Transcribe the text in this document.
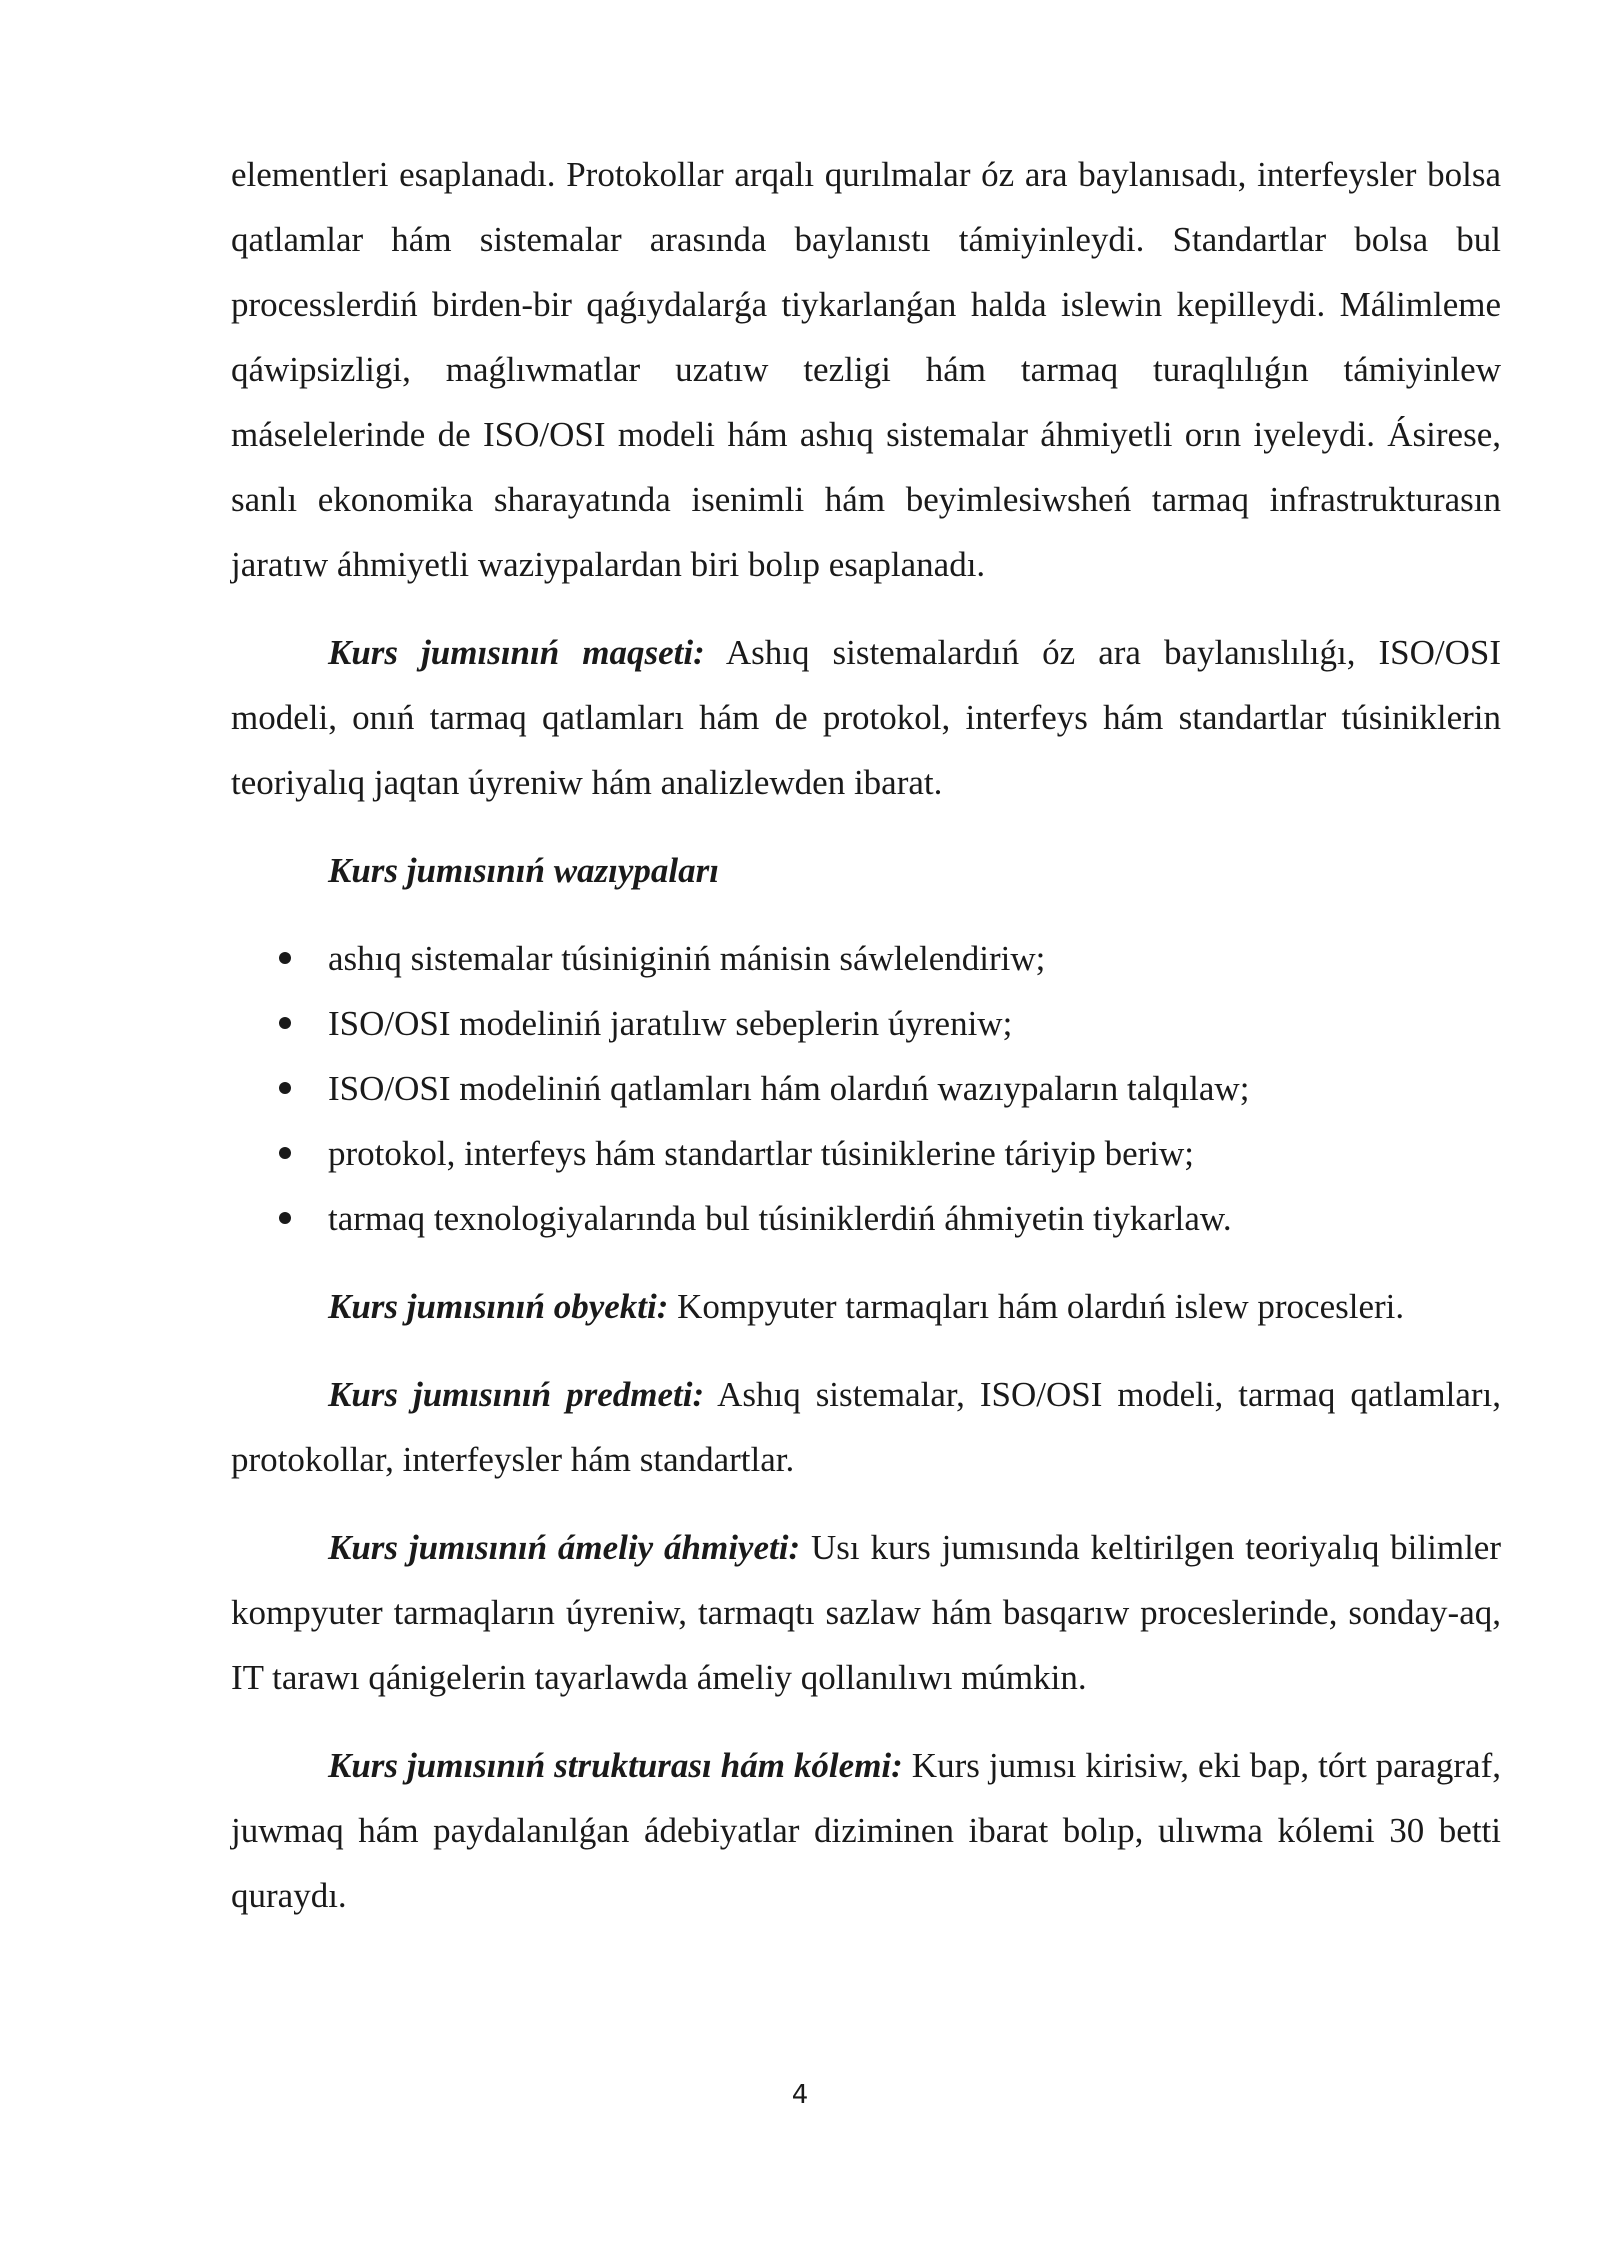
elementleri esaplanadı. Protokollar arqalı qurılmalar óz ara baylanısadı, interfeysler bolsa qatlamlar hám sistemalar arasında baylanıstı támiyinleydi. Standartlar bolsa bul processlerdiń birden-bir qaǵıydalarǵa tiykarlanǵan halda islewin kepilleydi. Málimleme qáwipsizligi, maǵlıwmatlar uzatıw tezligi hám tarmaq turaqlılıǵın támiyinlew máselelerinde de ISO/OSI modeli hám ashıq sistemalar áhmiyetli orın iyeleydi. Ásirese, sanlı ekonomika sharayatında isenimli hám beyimlesiwsheń tarmaq infrastrukturasın jaratıw áhmiyetli waziypalardan biri bolıp esaplanadı.

Kurs jumısınıń maqseti: Ashıq sistemalardıń óz ara baylanıslılıǵı, ISO/OSI modeli, onıń tarmaq qatlamları hám de protokol, interfeys hám standartlar túsiniklerin teoriyalıq jaqtan úyreniw hám analizlewden ibarat.

Kurs jumısınıń wazıypaları

ashıq sistemalar túsiniginiń mánisin sáwlelendiriw;
ISO/OSI modeliniń jaratılıw sebeplerin úyreniw;
ISO/OSI modeliniń qatlamları hám olardıń wazıypaların talqılaw;
protokol, interfeys hám standartlar túsiniklerine táriyip beriw;
tarmaq texnologiyalarında bul túsiniklerdiń áhmiyetin tiykarlaw.

Kurs jumısınıń obyekti: Kompyuter tarmaqları hám olardıń islew procesleri.

Kurs jumısınıń predmeti: Ashıq sistemalar, ISO/OSI modeli, tarmaq qatlamları, protokollar, interfeysler hám standartlar.

Kurs jumısınıń ámeliy áhmiyeti: Usı kurs jumısında keltirilgen teoriyalıq bilimler kompyuter tarmaqların úyreniw, tarmaqtı sazlaw hám basqarıw proceslerinde, sonday-aq, IT tarawı qánigelerin tayarlawda ámeliy qollanılıwı múmkin.

Kurs jumısınıń strukturası hám kólemi: Kurs jumısı kirisiw, eki bap, tórt paragraf, juwmaq hám paydalanılǵan ádebiyatlar diziminen ibarat bolıp, ulıwma kólemi 30 betti quraydı.

4
